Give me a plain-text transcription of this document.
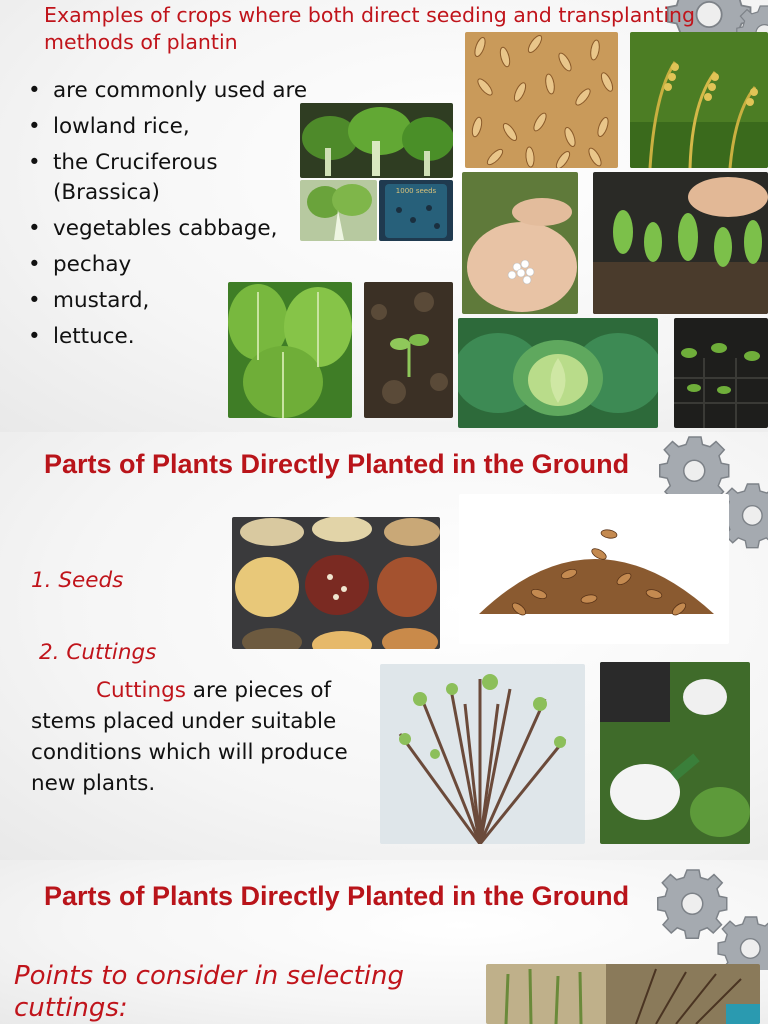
Examples of crops where both direct seeding and transplanting methods of plantin
• are commonly used are
• lowland rice,
• the Cruciferous (Brassica)
• vegetables cabbage,
• pechay
• mustard,
• lettuce.
1000 seeds
Parts of Plants Directly Planted in the Ground
1. Seeds
2. Cuttings
Cuttings are pieces of stems placed under suitable conditions which will produce new plants.
Parts of Plants Directly Planted in the Ground
Points to consider in selecting cuttings:
